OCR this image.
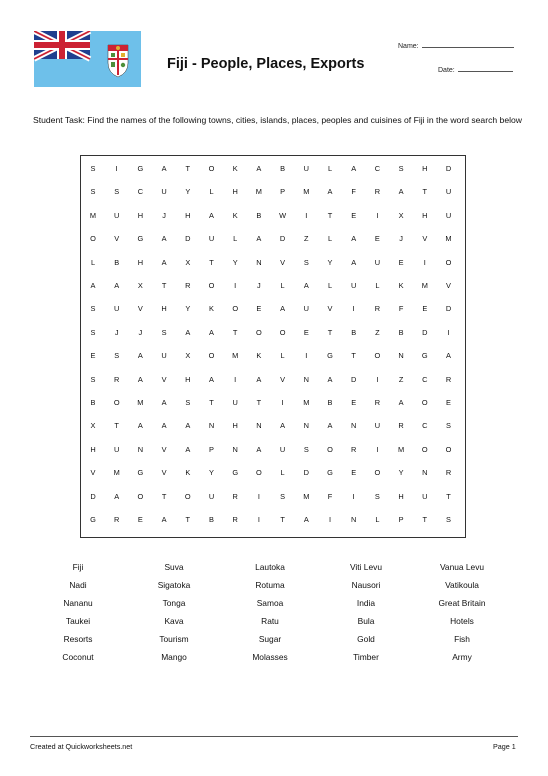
Fiji - People, Places, Exports
Name:
Date:
Student Task: Find the names of the following towns, cities, islands, places, peoples and cuisines of Fiji in the word search below
S	I	G	A	T	O	K	A	B	U	L	A	C	S	H	D
S	S	C	U	Y	L	H	M	P	M	A	F	R	A	T	U
M	U	H	J	H	A	K	B	W	I	T	E	I	X	H	U
O	V	G	A	D	U	L	A	D	Z	L	A	E	J	V	M
L	B	H	A	X	T	Y	N	V	S	Y	A	U	E	I	O
A	A	X	T	R	O	I	J	L	A	L	U	L	K	M	V
S	U	V	H	Y	K	O	E	A	U	V	I	R	F	E	D
S	J	J	S	A	A	T	O	O	E	T	B	Z	B	D	I
E	S	A	U	X	O	M	K	L	I	G	T	O	N	G	A
S	R	A	V	H	A	I	A	V	N	A	D	I	Z	C	R
B	O	M	A	S	T	U	T	I	M	B	E	R	A	O	E
X	T	A	A	A	N	H	N	A	N	A	N	U	R	C	S
H	U	N	V	A	P	N	A	U	S	O	R	I	M	O	O
V	M	G	V	K	Y	G	O	L	D	G	E	O	Y	N	R
D	A	O	T	O	U	R	I	S	M	F	I	S	H	U	T
G	R	E	A	T	B	R	I	T	A	I	N	L	P	T	S
Fiji	Suva	Lautoka	Viti Levu	Vanua Levu
Nadi	Sigatoka	Rotuma	Nausori	Vatikoula
Nananu	Tonga	Samoa	India	Great Britain
Taukei	Kava	Ratu	Bula	Hotels
Resorts	Tourism	Sugar	Gold	Fish
Coconut	Mango	Molasses	Timber	Army
Created at Quickworksheets.net	Page 1
